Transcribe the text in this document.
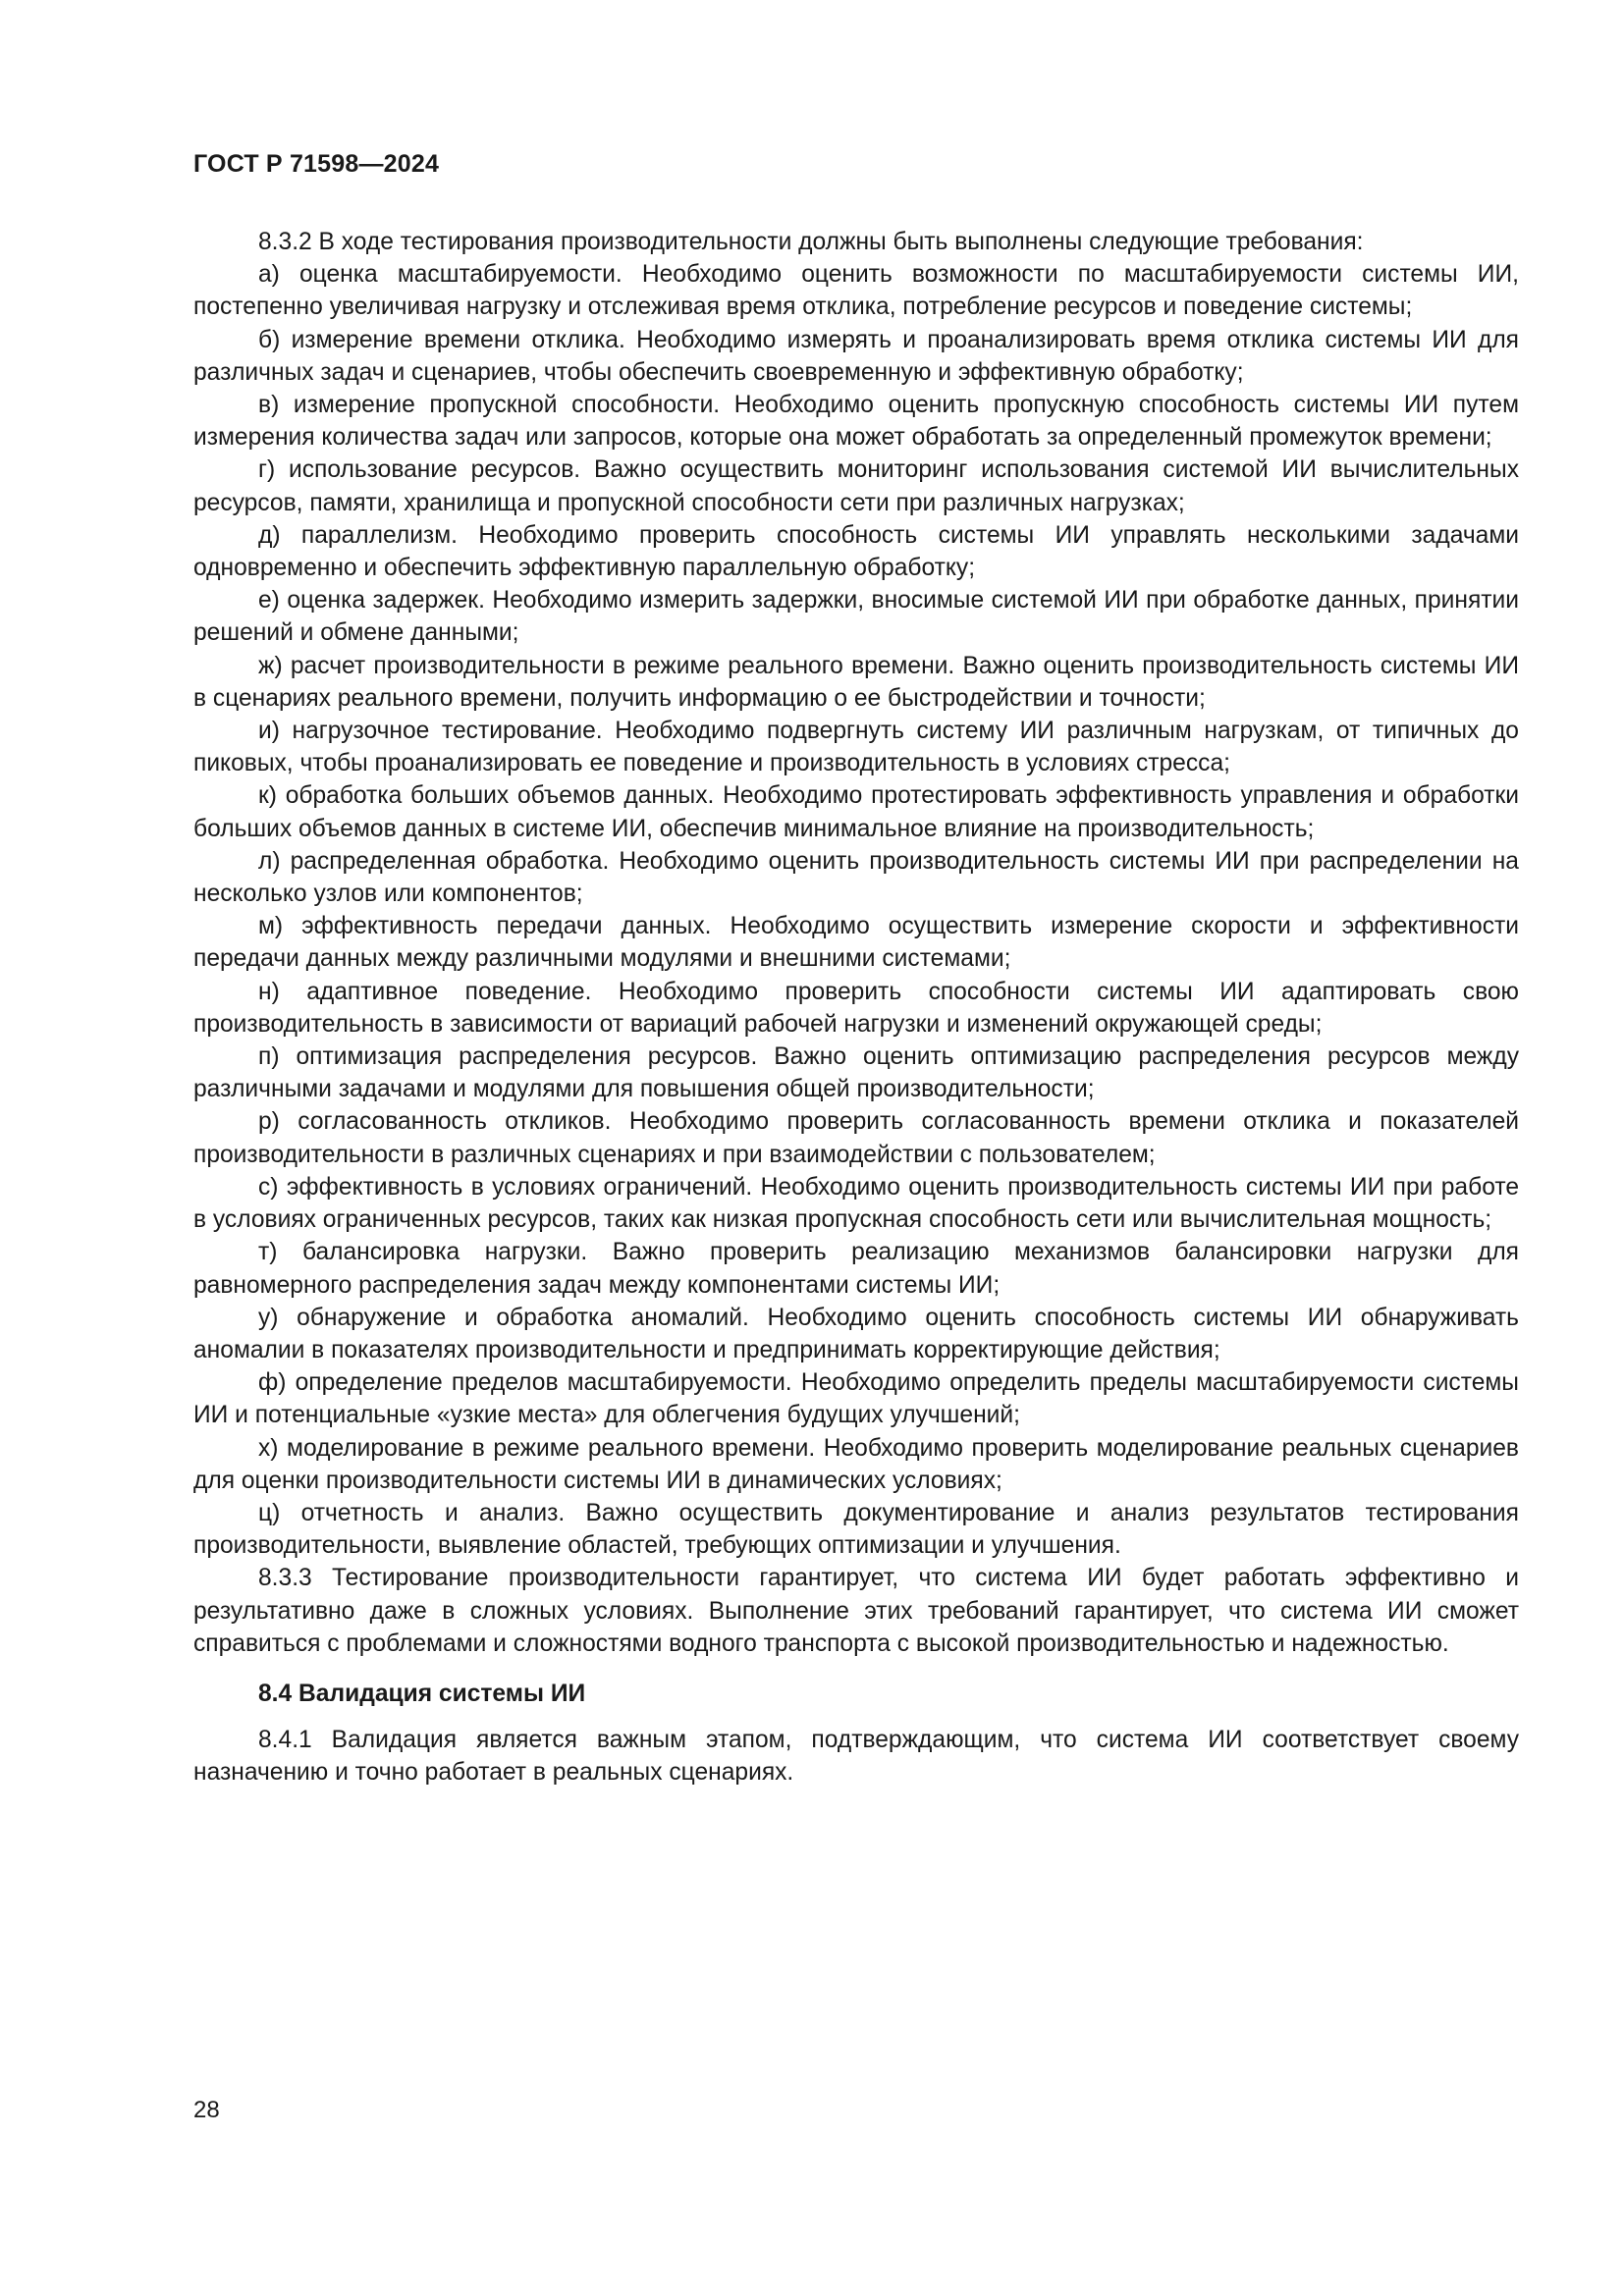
ГОСТ Р 71598—2024

8.3.2 В ходе тестирования производительности должны быть выполнены следующие требования:

а) оценка масштабируемости. Необходимо оценить возможности по масштабируемости системы ИИ, постепенно увеличивая нагрузку и отслеживая время отклика, потребление ресурсов и поведение системы;

б) измерение времени отклика. Необходимо измерять и проанализировать время отклика системы ИИ для различных задач и сценариев, чтобы обеспечить своевременную и эффективную обработку;

в) измерение пропускной способности. Необходимо оценить пропускную способность системы ИИ путем измерения количества задач или запросов, которые она может обработать за определенный промежуток времени;

г) использование ресурсов. Важно осуществить мониторинг использования системой ИИ вычислительных ресурсов, памяти, хранилища и пропускной способности сети при различных нагрузках;

д) параллелизм. Необходимо проверить способность системы ИИ управлять несколькими задачами одновременно и обеспечить эффективную параллельную обработку;

е) оценка задержек. Необходимо измерить задержки, вносимые системой ИИ при обработке данных, принятии решений и обмене данными;

ж) расчет производительности в режиме реального времени. Важно оценить производительность системы ИИ в сценариях реального времени, получить информацию о ее быстродействии и точности;

и) нагрузочное тестирование. Необходимо подвергнуть систему ИИ различным нагрузкам, от типичных до пиковых, чтобы проанализировать ее поведение и производительность в условиях стресса;

к) обработка больших объемов данных. Необходимо протестировать эффективность управления и обработки больших объемов данных в системе ИИ, обеспечив минимальное влияние на производительность;

л) распределенная обработка. Необходимо оценить производительность системы ИИ при распределении на несколько узлов или компонентов;

м) эффективность передачи данных. Необходимо осуществить измерение скорости и эффективности передачи данных между различными модулями и внешними системами;

н) адаптивное поведение. Необходимо проверить способности системы ИИ адаптировать свою производительность в зависимости от вариаций рабочей нагрузки и изменений окружающей среды;

п) оптимизация распределения ресурсов. Важно оценить оптимизацию распределения ресурсов между различными задачами и модулями для повышения общей производительности;

р) согласованность откликов. Необходимо проверить согласованность времени отклика и показателей производительности в различных сценариях и при взаимодействии с пользователем;

с) эффективность в условиях ограничений. Необходимо оценить производительность системы ИИ при работе в условиях ограниченных ресурсов, таких как низкая пропускная способность сети или вычислительная мощность;

т) балансировка нагрузки. Важно проверить реализацию механизмов балансировки нагрузки для равномерного распределения задач между компонентами системы ИИ;

у) обнаружение и обработка аномалий. Необходимо оценить способность системы ИИ обнаруживать аномалии в показателях производительности и предпринимать корректирующие действия;

ф) определение пределов масштабируемости. Необходимо определить пределы масштабируемости системы ИИ и потенциальные «узкие места» для облегчения будущих улучшений;

х) моделирование в режиме реального времени. Необходимо проверить моделирование реальных сценариев для оценки производительности системы ИИ в динамических условиях;

ц) отчетность и анализ. Важно осуществить документирование и анализ результатов тестирования производительности, выявление областей, требующих оптимизации и улучшения.

8.3.3 Тестирование производительности гарантирует, что система ИИ будет работать эффективно и результативно даже в сложных условиях. Выполнение этих требований гарантирует, что система ИИ сможет справиться с проблемами и сложностями водного транспорта с высокой производительностью и надежностью.

8.4 Валидация системы ИИ

8.4.1 Валидация является важным этапом, подтверждающим, что система ИИ соответствует своему назначению и точно работает в реальных сценариях.

28
